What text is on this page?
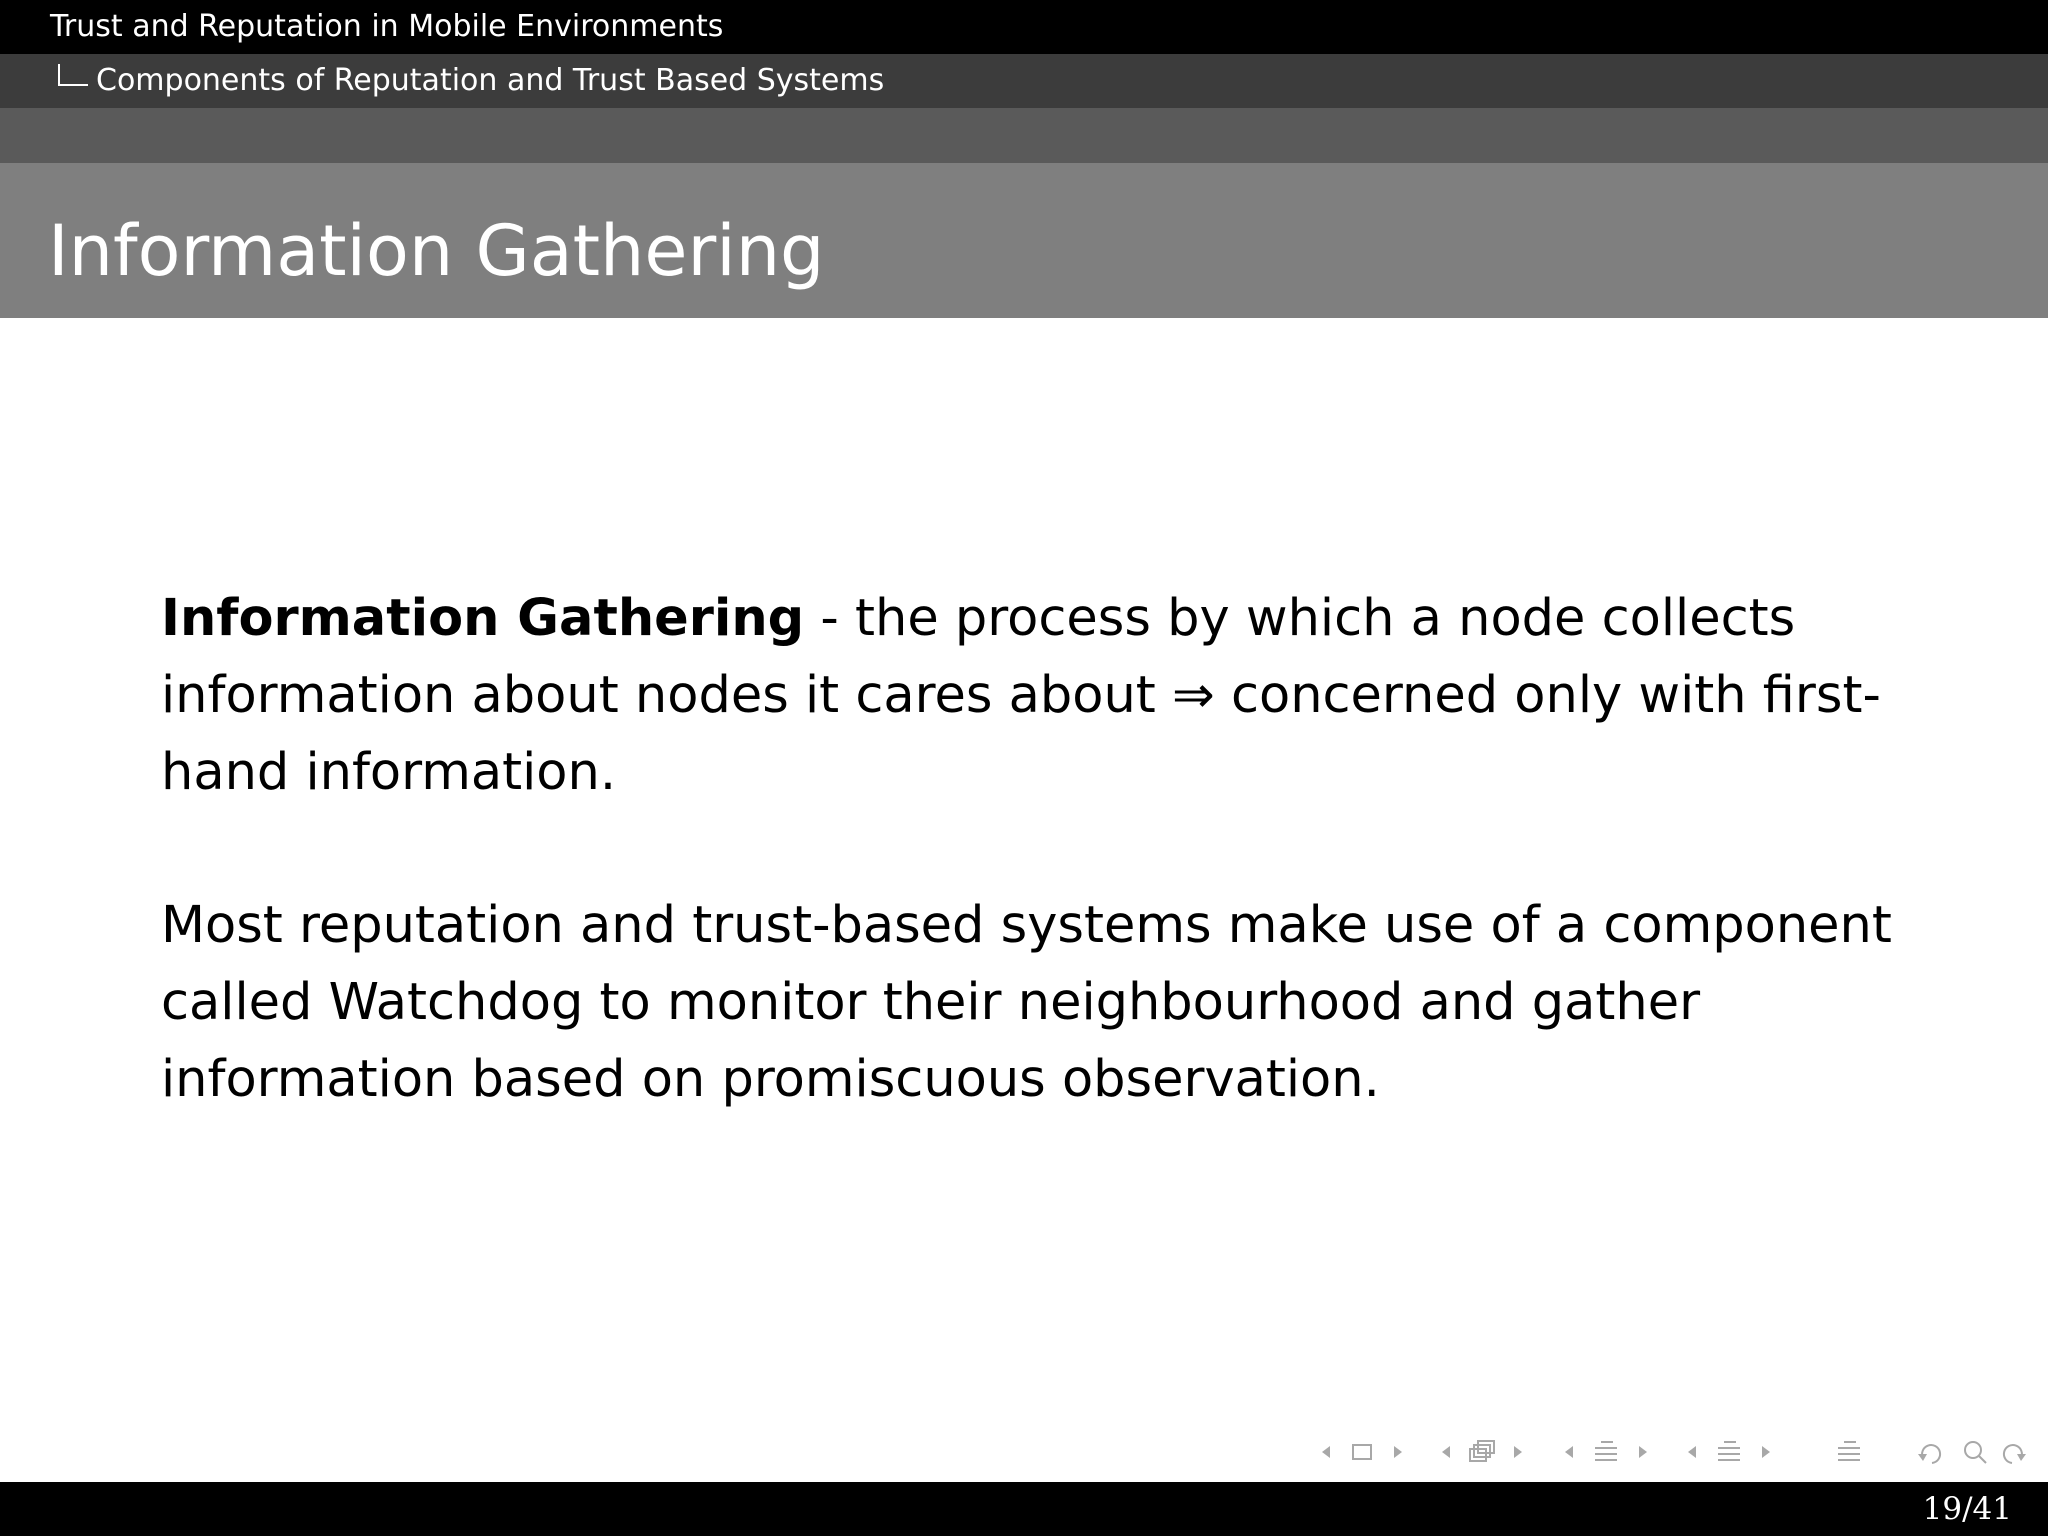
Trust and Reputation in Mobile Environments
Components of Reputation and Trust Based Systems
Information Gathering

Information Gathering - the process by which a node collects information about nodes it cares about ⇒ concerned only with first-hand information.

Most reputation and trust-based systems make use of a component called Watchdog to monitor their neighbourhood and gather information based on promiscuous observation.

19/41
